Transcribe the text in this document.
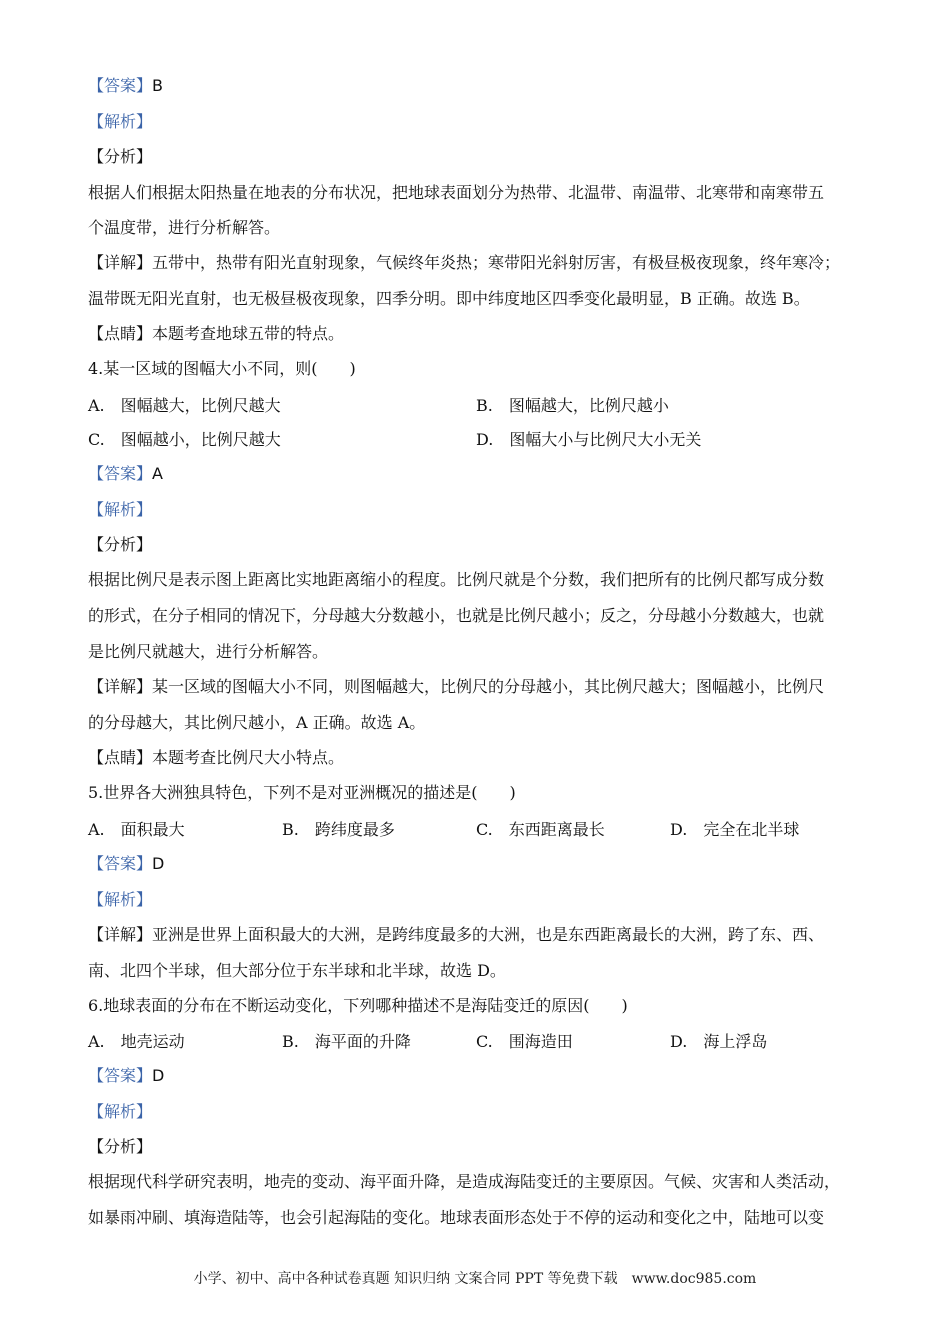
【答案】B
【解析】
【分析】
根据人们根据太阳热量在地表的分布状况，把地球表面划分为热带、北温带、南温带、北寒带和南寒带五
个温度带，进行分析解答。
【详解】五带中，热带有阳光直射现象，气候终年炎热；寒带阳光斜射厉害，有极昼极夜现象，终年寒冷；
温带既无阳光直射，也无极昼极夜现象，四季分明。即中纬度地区四季变化最明显，B 正确。故选 B。
【点睛】本题考查地球五带的特点。
4.某一区域的图幅大小不同，则(　　)
A.　图幅越大，比例尺越大	B.　图幅越大，比例尺越小
C.　图幅越小，比例尺越大	D.　图幅大小与比例尺大小无关
【答案】A
【解析】
【分析】
根据比例尺是表示图上距离比实地距离缩小的程度。比例尺就是个分数，我们把所有的比例尺都写成分数
的形式，在分子相同的情况下，分母越大分数越小，也就是比例尺越小；反之，分母越小分数越大，也就
是比例尺就越大，进行分析解答。
【详解】某一区域的图幅大小不同，则图幅越大，比例尺的分母越小，其比例尺越大；图幅越小，比例尺
的分母越大，其比例尺越小，A 正确。故选 A。
【点睛】本题考查比例尺大小特点。
5.世界各大洲独具特色，下列不是对亚洲概况的描述是(　　)
A.　面积最大	B.　跨纬度最多	C.　东西距离最长	D.　完全在北半球
【答案】D
【解析】
【详解】亚洲是世界上面积最大的大洲，是跨纬度最多的大洲，也是东西距离最长的大洲，跨了东、西、
南、北四个半球，但大部分位于东半球和北半球，故选 D。
6.地球表面的分布在不断运动变化，下列哪种描述不是海陆变迁的原因(　　)
A.　地壳运动	B.　海平面的升降	C.　围海造田	D.　海上浮岛
【答案】D
【解析】
【分析】
根据现代科学研究表明，地壳的变动、海平面升降，是造成海陆变迁的主要原因。气候、灾害和人类活动，
如暴雨冲刷、填海造陆等，也会引起海陆的变化。地球表面形态处于不停的运动和变化之中，陆地可以变
小学、初中、高中各种试卷真题 知识归纳 文案合同 PPT 等免费下载　www.doc985.com
